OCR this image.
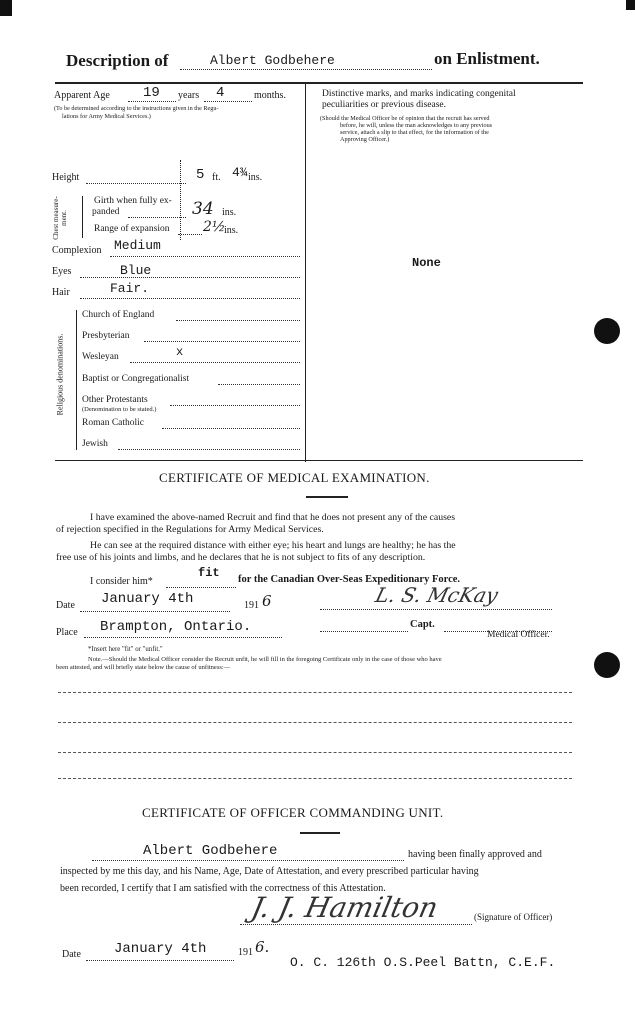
Description of	Albert Godbehere	on Enlistment.
Apparent Age 19 years 4	months.
(To be determined according to the instructions given in the Regu-
lations for Army Medical Services.)
Height	5 ft. 4¾ ins.
Chest measure-ment.
Girth when fully ex-
panded	34 ins.
Range of expansion 2½
ins.
Complexion Medium
Eyes	Blue
Hair	Fair.
Religious denominations.
Church of England
Presbyterian
Wesleyan	x
Baptist or Congregationalist
Other Protestants
(Denomination to be stated.)
Roman Catholic
Jewish
Distinctive marks, and marks indicating congenital
peculiarities or previous disease.
(Should the Medical Officer be of opinion that the recruit has served
before, he will, unless the man acknowledges to any previous
service, attach a slip to that effect, for the information of the
Approving Officer.)
None
CERTIFICATE OF MEDICAL EXAMINATION.
I have examined the above-named Recruit and find that he does not present any of the causes
of rejection specified in the Regulations for Army Medical Services.
He can see at the required distance with either eye; his heart and lungs are healthy; he has the
free use of his joints and limbs, and he declares that he is not subject to fits of any description.
I consider him*
fit for the Canadian Over-Seas Expeditionary Force.
Date January 4th	191 6	L. S. McKay
Place Brampton, Ontario.	Capt.
Medical Officer.
*Insert here "fit" or "unfit."
Note.—Should the Medical Officer consider the Recruit unfit, he will fill in the foregoing Certificate only in the case of those who have
been attested, and will briefly state below the cause of unfitness:—
CERTIFICATE OF OFFICER COMMANDING UNIT.
Albert Godbehere	having been finally approved and
inspected by me this day, and his Name, Age, Date of Attestation, and every prescribed particular having
been recorded, I certify that I am satisfied with the correctness of this Attestation.
J. J. Hamilton	(Signature of Officer)
Date January 4th	191 6.
O. C. 126th O.S.Peel Battn, C.E.F.
